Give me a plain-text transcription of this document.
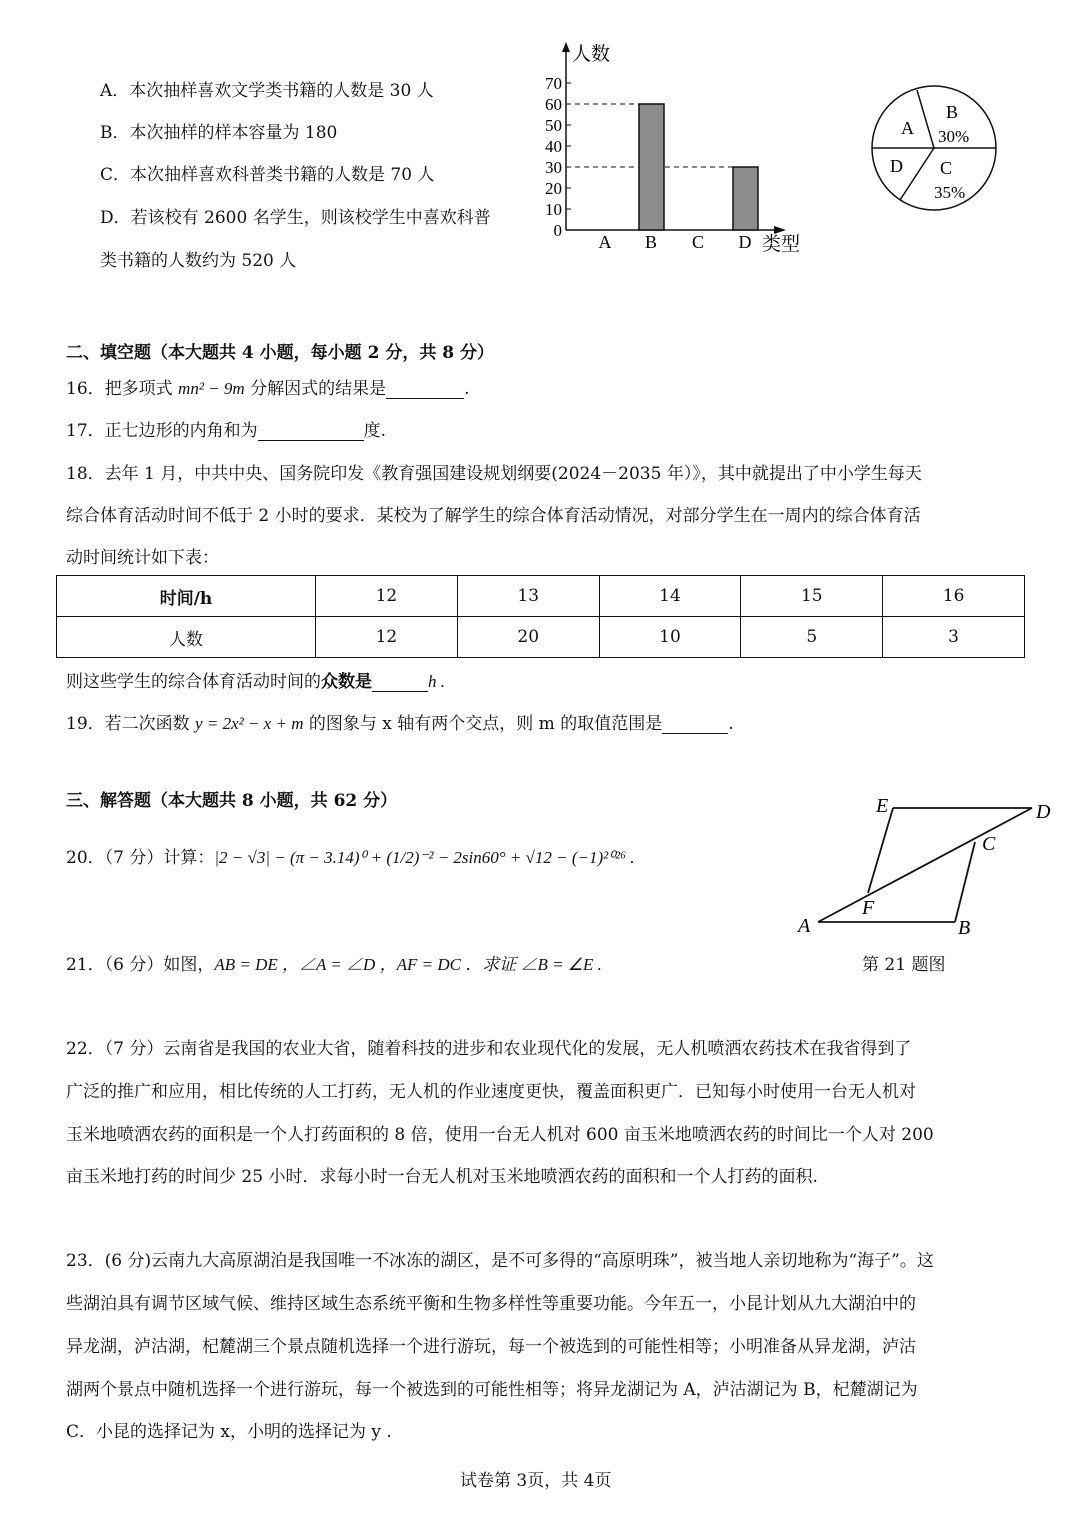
A．本次抽样喜欢文学类书籍的人数是 30 人
B．本次抽样的样本容量为 180
C．本次抽样喜欢科普类书籍的人数是 70 人
D．若该校有 2600 名学生，则该校学生中喜欢科普
类书籍的人数约为 520 人
人数
类型
0
10
20
30
40
50
60
70
A B C D
A
B
30%
D C
35%
二、填空题（本大题共 4 小题，每小题 2 分，共 8 分）
16．把多项式 mn² − 9m 分解因式的结果是	.
17．正七边形的内角和为	度.
18．去年 1 月，中共中央、国务院印发《教育强国建设规划纲要(2024－2035 年）》，其中就提出了中小学生每天
综合体育活动时间不低于 2 小时的要求．某校为了解学生的综合体育活动情况，对部分学生在一周内的综合体育活
动时间统计如下表：
时间/h	12	13	14	15	16
人数	12	20	10	5	3
则这些学生的综合体育活动时间的众数是	h .
19．若二次函数 y = 2x² − x + m 的图象与 x 轴有两个交点，则 m 的取值范围是	.
三、解答题（本大题共 8 小题，共 62 分）
20．（7 分）计算：|2 − √3| − (π − 3.14)⁰ + (1/2)⁻² − 2sin60° + √12 − (−1)²⁰²⁶ .
21．（6 分）如图，AB = DE ，∠A = ∠D ，AF = DC ．求证 ∠B = ∠E .
A	B
C
D
E
F
第 21 题图
22．（7 分）云南省是我国的农业大省，随着科技的进步和农业现代化的发展，无人机喷洒农药技术在我省得到了
广泛的推广和应用，相比传统的人工打药，无人机的作业速度更快，覆盖面积更广．已知每小时使用一台无人机对
玉米地喷洒农药的面积是一个人打药面积的 8 倍，使用一台无人机对 600 亩玉米地喷洒农药的时间比一个人对 200
亩玉米地打药的时间少 25 小时．求每小时一台无人机对玉米地喷洒农药的面积和一个人打药的面积.
23．(6 分)云南九大高原湖泊是我国唯一不冰冻的湖区，是不可多得的“高原明珠”，被当地人亲切地称为“海子”。这
些湖泊具有调节区域气候、维持区域生态系统平衡和生物多样性等重要功能。今年五一，小昆计划从九大湖泊中的
异龙湖，泸沽湖，杞麓湖三个景点随机选择一个进行游玩，每一个被选到的可能性相等；小明准备从异龙湖，泸沽
湖两个景点中随机选择一个进行游玩，每一个被选到的可能性相等；将异龙湖记为 A，泸沽湖记为 B，杞麓湖记为
C．小昆的选择记为 x，小明的选择记为 y .
试卷第 3页，共 4页
